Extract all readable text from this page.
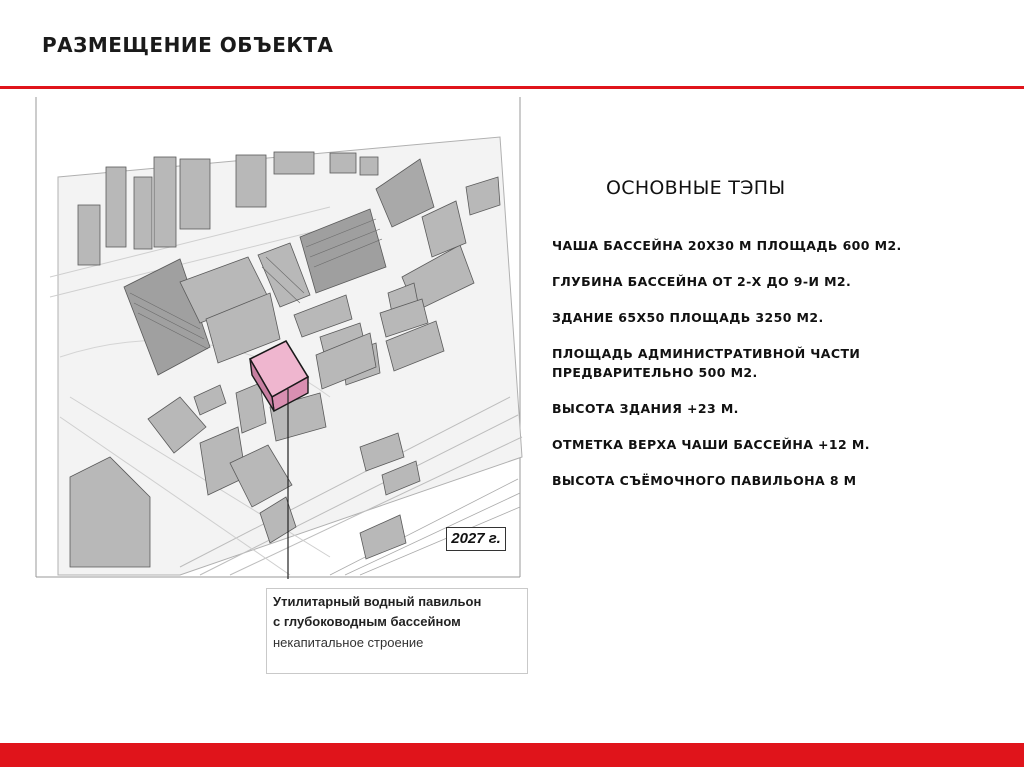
РАЗМЕЩЕНИЕ ОБЪЕКТА
2027 г.
Утилитарный водный павильон
с глубоководным бассейном
некапитальное строение
ОСНОВНЫЕ ТЭПЫ
ЧАША БАССЕЙНА 20Х30 М ПЛОЩАДЬ 600 М2.
ГЛУБИНА БАССЕЙНА ОТ 2-Х ДО 9-И М2.
ЗДАНИЕ 65Х50 ПЛОЩАДЬ 3250 М2.
ПЛОЩАДЬ АДМИНИСТРАТИВНОЙ ЧАСТИ
ПРЕДВАРИТЕЛЬНО 500 М2.
ВЫСОТА ЗДАНИЯ +23 М.
ОТМЕТКА ВЕРХА ЧАШИ БАССЕЙНА +12 М.
ВЫСОТА СЪЁМОЧНОГО ПАВИЛЬОНА 8 М
